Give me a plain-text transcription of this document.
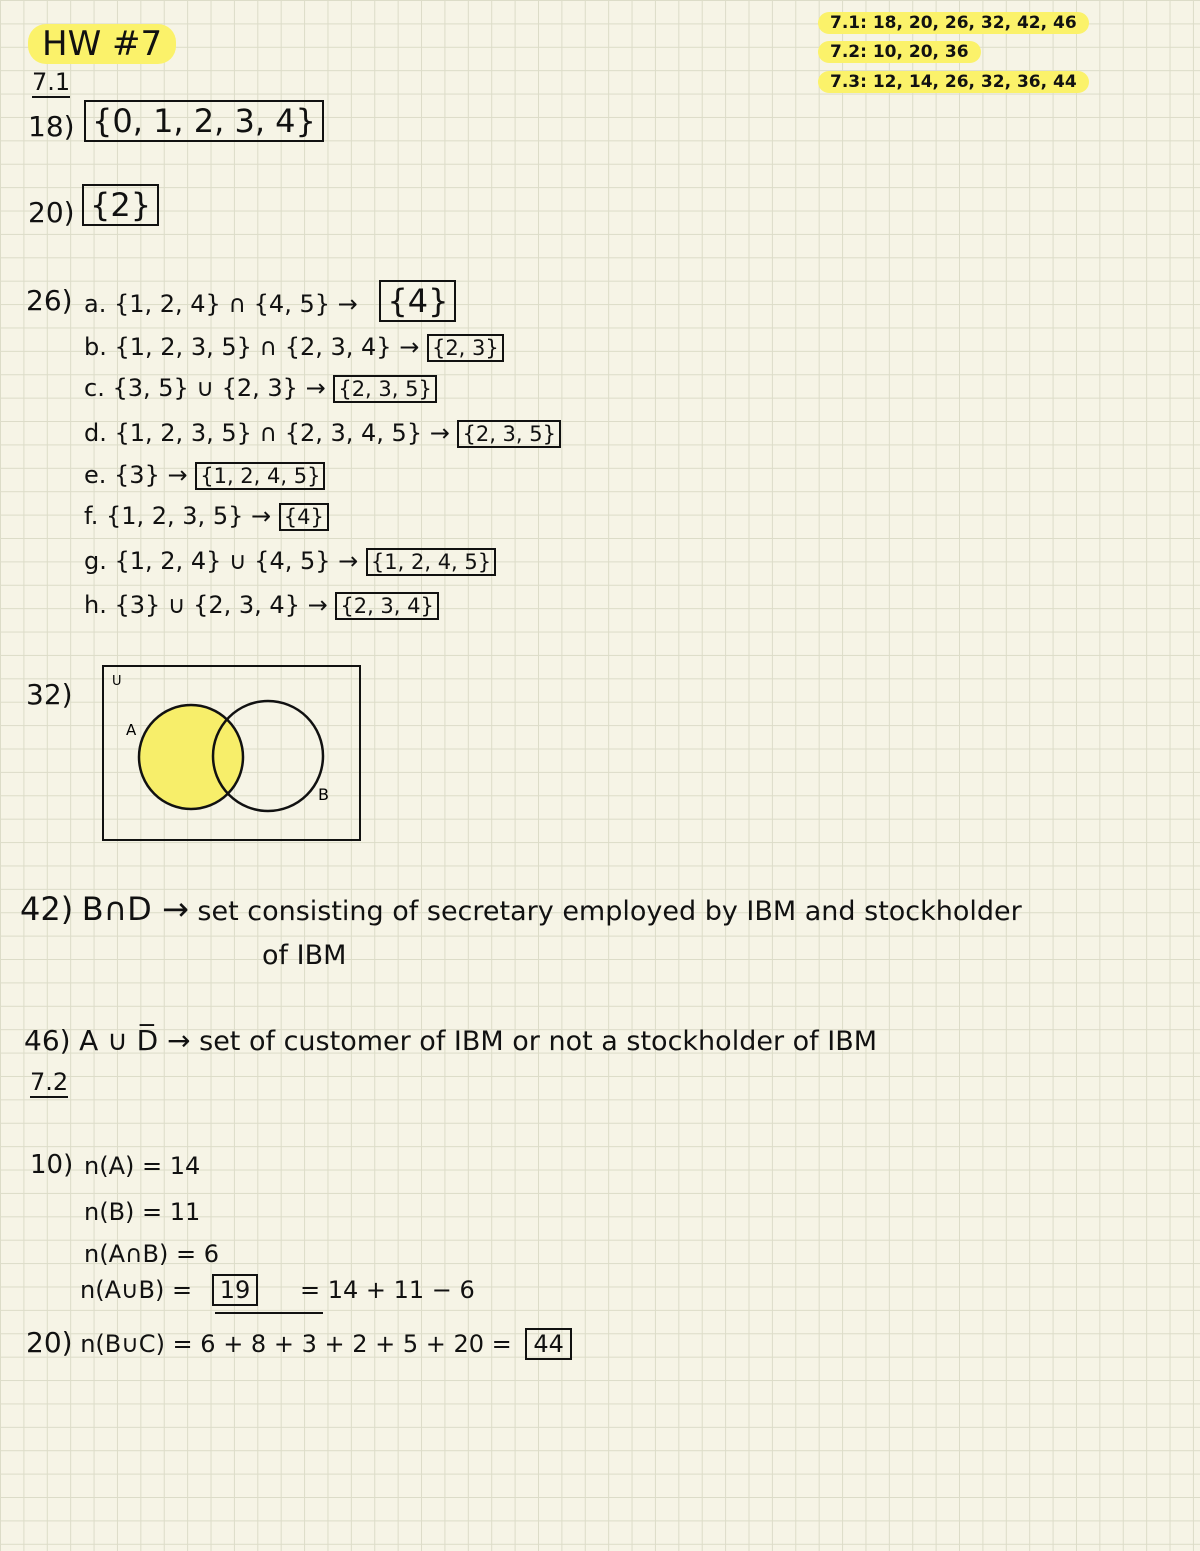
HW #7
7.1: 18, 20, 26, 32, 42, 46
7.2: 10, 20, 36
7.3: 12, 14, 26, 32, 36, 44
7.1
18) {0, 1, 2, 3, 4}
20) {2}
26) a. {1, 2, 4} ∩ {4, 5} → {4}
b. {1, 2, 3, 5} ∩ {2, 3, 4} → {2, 3}
c. {3, 5} ∪ {2, 3} → {2, 3, 5}
d. {1, 2, 3, 5} ∩ {2, 3, 4, 5} → {2, 3, 5}
e. {3} → {1, 2, 4, 5}
f. {1, 2, 3, 5} → {4}
g. {1, 2, 4} ∪ {4, 5} → {1, 2, 4, 5}
h. {3} ∪ {2, 3, 4} → {2, 3, 4}
32)	U
A
B
42) B∩D → set consisting of secretary employed by IBM and stockholder
of IBM
46) A ∪ D̅ → set of customer of IBM or not a stockholder of IBM
7.2
10) n(A) = 14
n(B) = 11
n(A∩B) = 6
n(A∪B) = 19 = 14 + 11 − 6
20) n(B∪C) = 6 + 8 + 3 + 2 + 5 + 20 = 44
